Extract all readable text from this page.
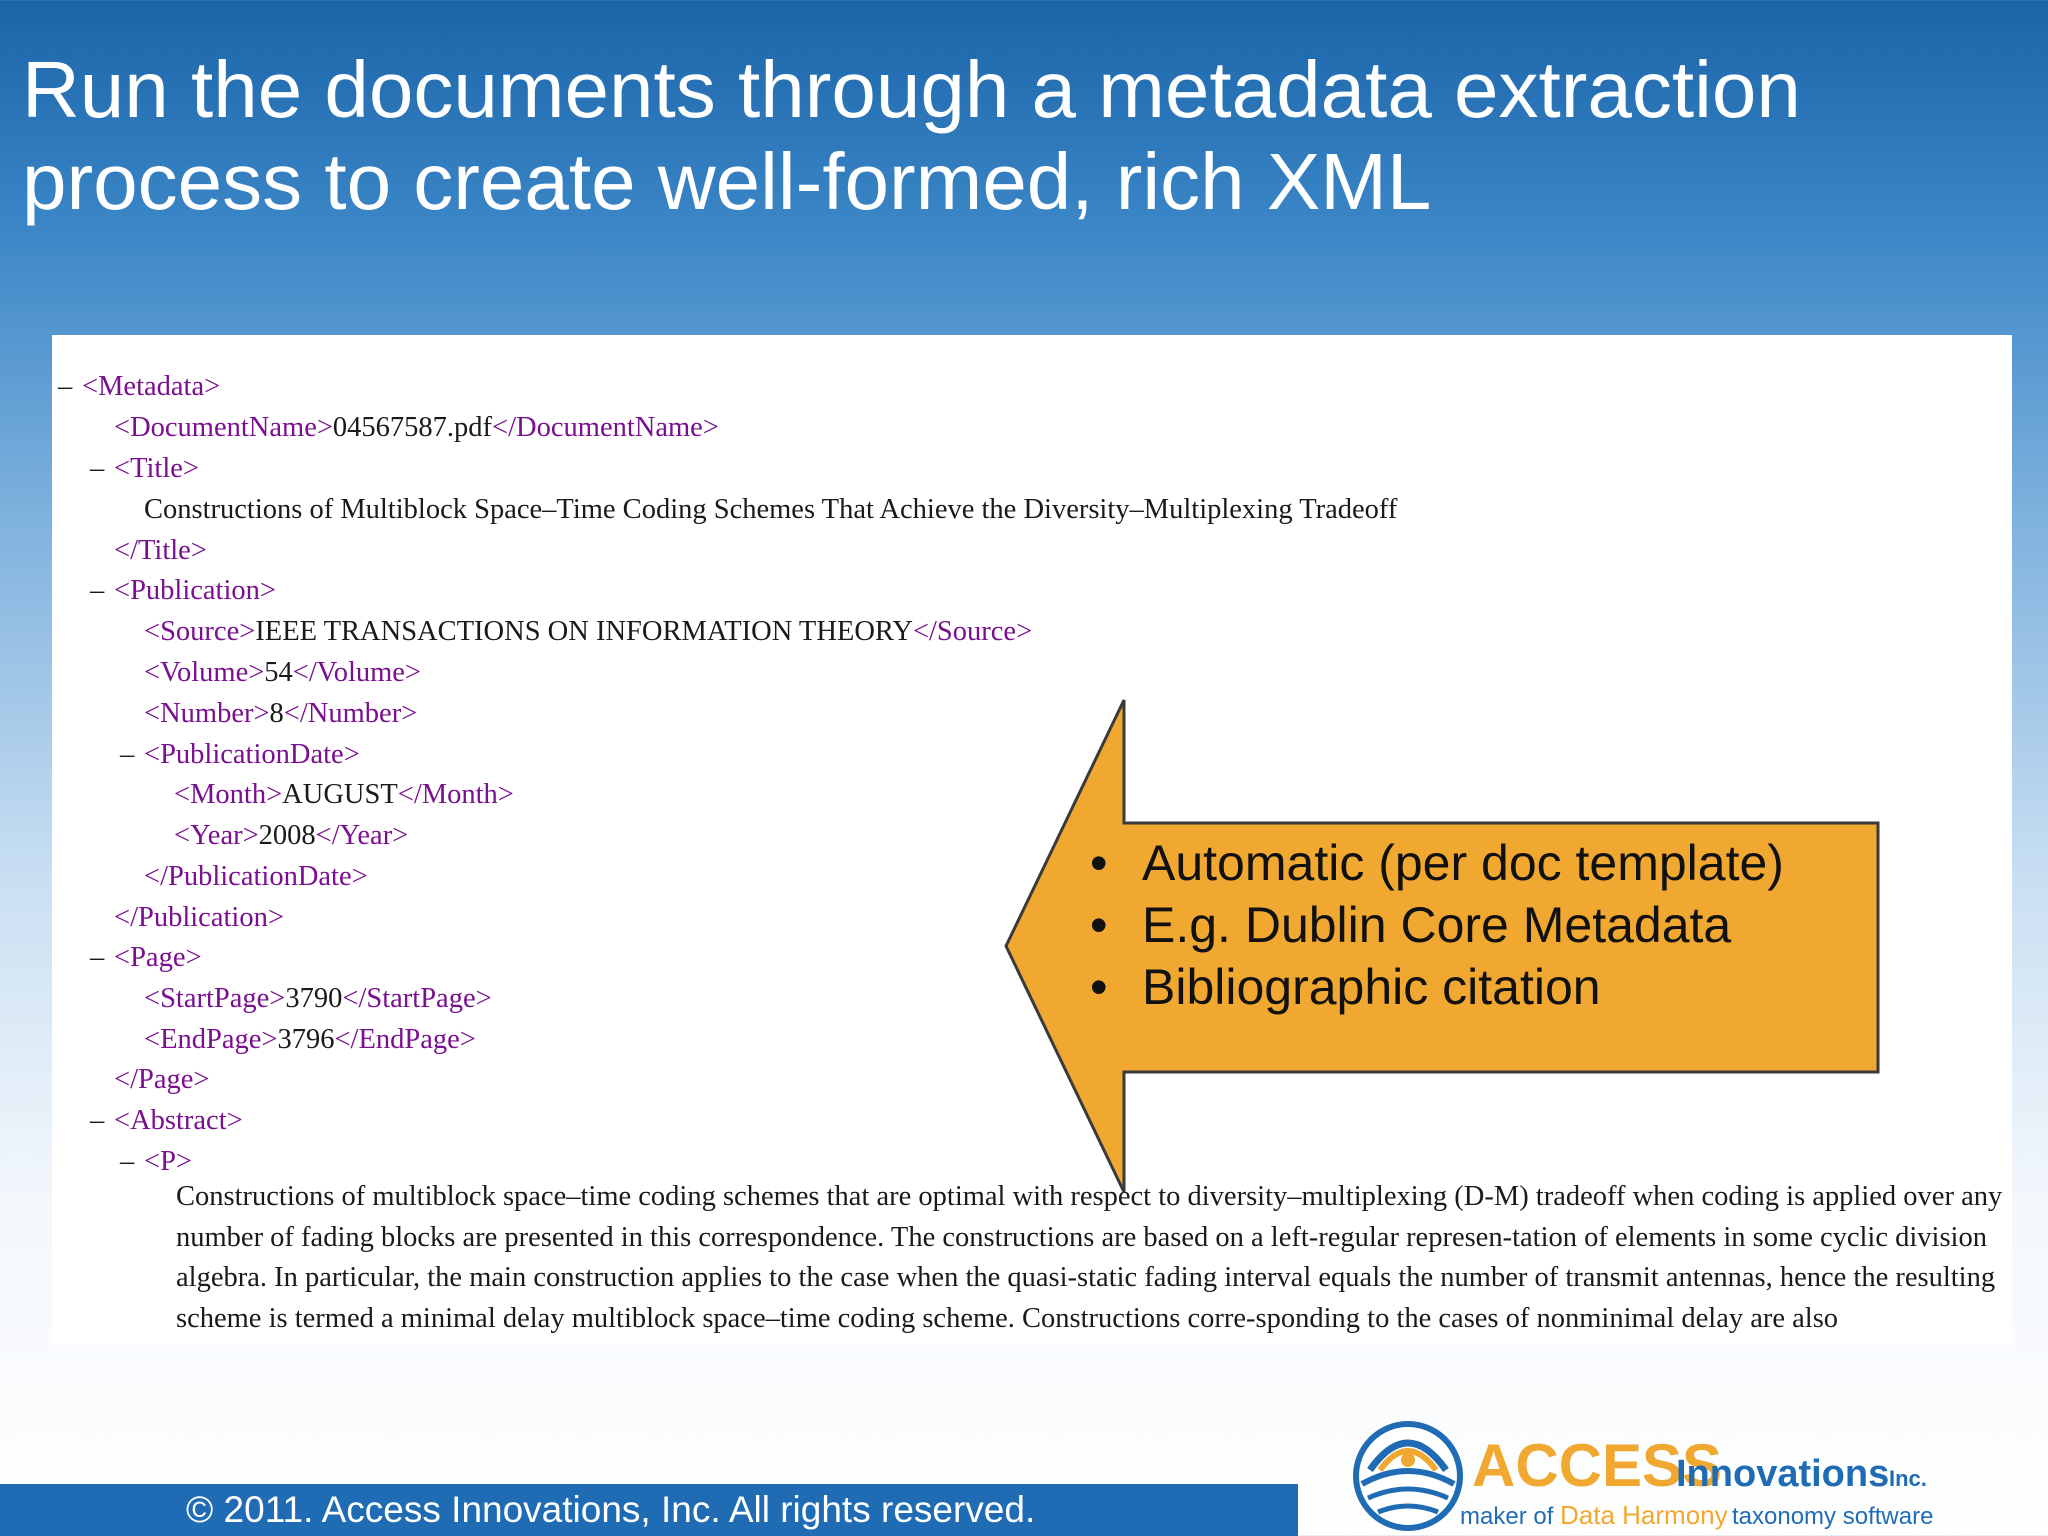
Run the documents through a metadata extraction
process to create well-formed, rich XML
– <Metadata>
<DocumentName>04567587.pdf</DocumentName>
– <Title>
Constructions of Multiblock Space–Time Coding Schemes That Achieve the Diversity–Multiplexing Tradeoff
</Title>
– <Publication>
<Source>IEEE TRANSACTIONS ON INFORMATION THEORY</Source>
<Volume>54</Volume>
<Number>8</Number>
– <PublicationDate>
<Month>AUGUST</Month>
<Year>2008</Year>
</PublicationDate>
</Publication>
– <Page>
<StartPage>3790</StartPage>
<EndPage>3796</EndPage>
</Page>
– <Abstract>
– <P>
Constructions of multiblock space–time coding schemes that are optimal with respect to diversity–multiplexing (D-M) tradeoff when coding is applied over any number of fading blocks are presented in this correspondence. The constructions are based on a left-regular represen-tation of elements in some cyclic division algebra. In particular, the main construction applies to the case when the quasi-static fading interval equals the number of transmit antennas, hence the resulting scheme is termed a minimal delay multiblock space–time coding scheme. Constructions corre-sponding to the cases of nonminimal delay are also
• Automatic (per doc template)
• E.g. Dublin Core Metadata
• Bibliographic citation
© 2011. Access Innovations, Inc. All rights reserved.
ACCESS
Innovations Inc.
maker of Data Harmony taxonomy software
